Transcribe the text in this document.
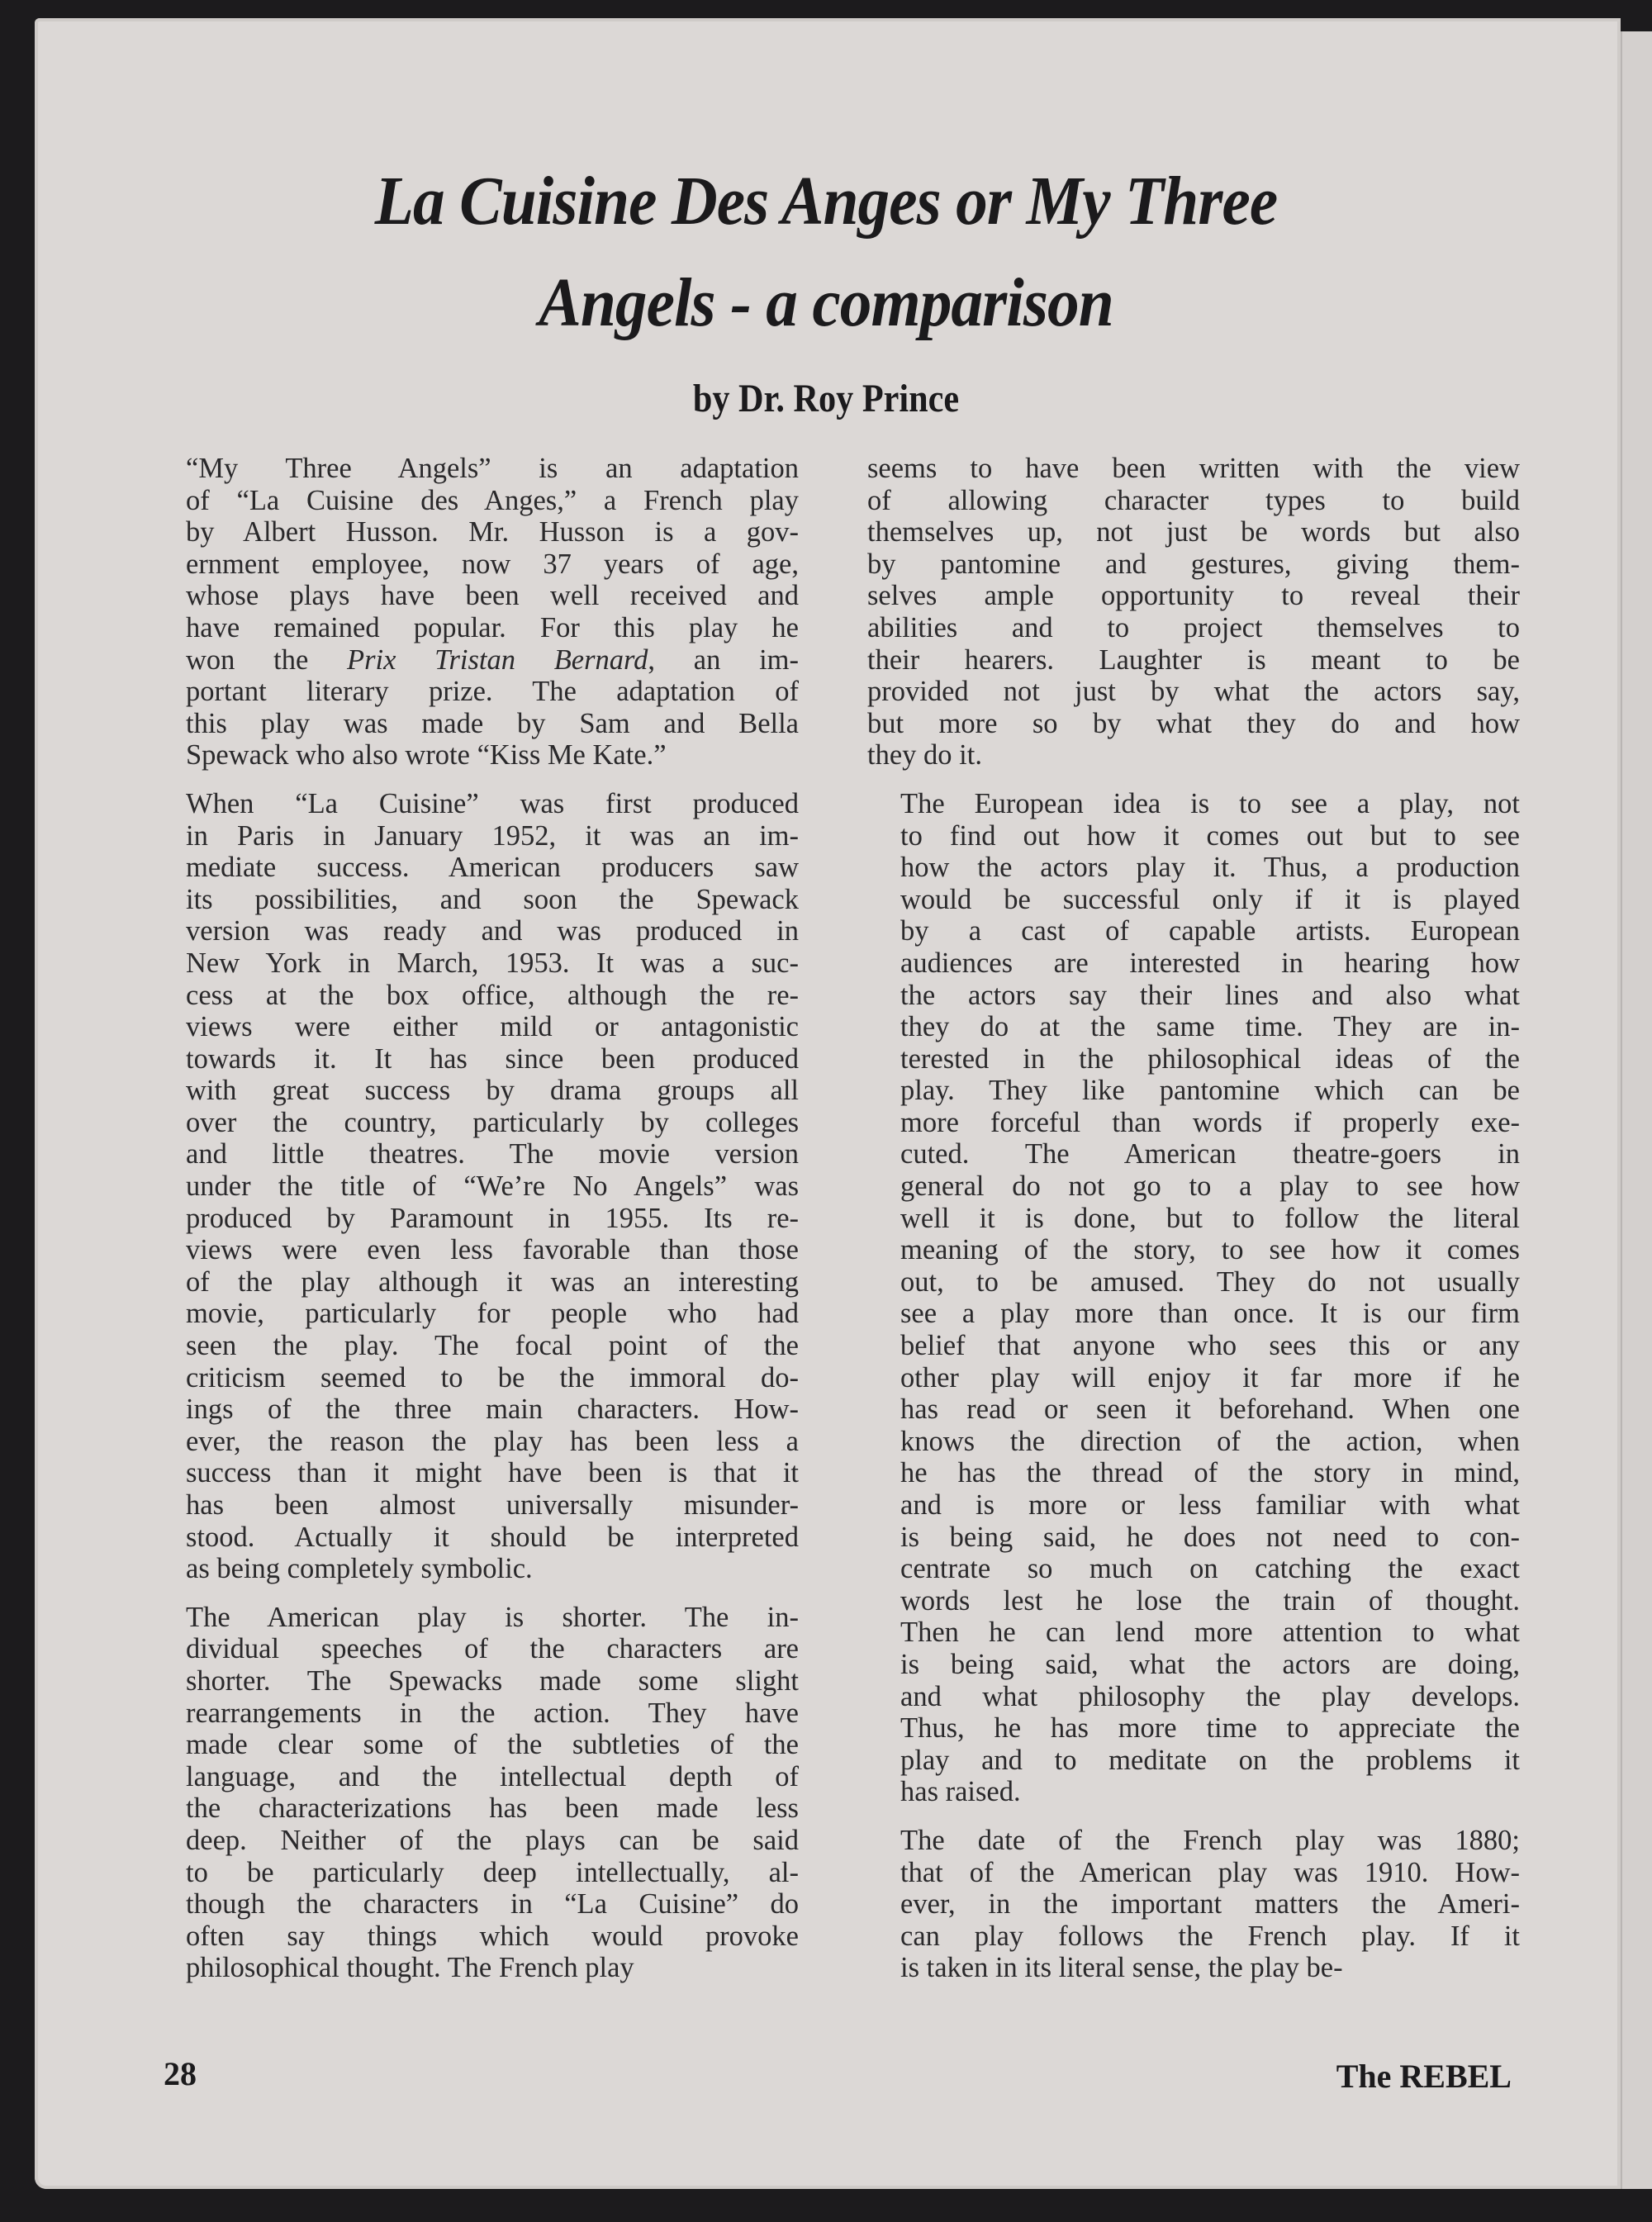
La Cuisine Des Anges or My Three
Angels - a comparison
by Dr. Roy Prince

“My Three Angels” is an adaptation
of “La Cuisine des Anges,” a French play
by Albert Husson. Mr. Husson is a gov-
ernment employee, now 37 years of age,
whose plays have been well received and
have remained popular. For this play he
won the Prix Tristan Bernard, an im-
portant literary prize. The adaptation of
this play was made by Sam and Bella
Spewack who also wrote “Kiss Me Kate.”

When “La Cuisine” was first produced
in Paris in January 1952, it was an im-
mediate success. American producers saw
its possibilities, and soon the Spewack
version was ready and was produced in
New York in March, 1953. It was a suc-
cess at the box office, although the re-
views were either mild or antagonistic
towards it. It has since been produced
with great success by drama groups all
over the country, particularly by colleges
and little theatres. The movie version
under the title of “We’re No Angels” was
produced by Paramount in 1955. Its re-
views were even less favorable than those
of the play although it was an interesting
movie, particularly for people who had
seen the play. The focal point of the
criticism seemed to be the immoral do-
ings of the three main characters. How-
ever, the reason the play has been less a
success than it might have been is that it
has been almost universally misunder-
stood. Actually it should be interpreted
as being completely symbolic.

The American play is shorter. The in-
dividual speeches of the characters are
shorter. The Spewacks made some slight
rearrangements in the action. They have
made clear some of the subtleties of the
language, and the intellectual depth of
the characterizations has been made less
deep. Neither of the plays can be said
to be particularly deep intellectually, al-
though the characters in “La Cuisine” do
often say things which would provoke
philosophical thought. The French play

seems to have been written with the view
of allowing character types to build
themselves up, not just be words but also
by pantomine and gestures, giving them-
selves ample opportunity to reveal their
abilities and to project themselves to
their hearers. Laughter is meant to be
provided not just by what the actors say,
but more so by what they do and how
they do it.

The European idea is to see a play, not
to find out how it comes out but to see
how the actors play it. Thus, a production
would be successful only if it is played
by a cast of capable artists. European
audiences are interested in hearing how
the actors say their lines and also what
they do at the same time. They are in-
terested in the philosophical ideas of the
play. They like pantomine which can be
more forceful than words if properly exe-
cuted. The American theatre-goers in
general do not go to a play to see how
well it is done, but to follow the literal
meaning of the story, to see how it comes
out, to be amused. They do not usually
see a play more than once. It is our firm
belief that anyone who sees this or any
other play will enjoy it far more if he
has read or seen it beforehand. When one
knows the direction of the action, when
he has the thread of the story in mind,
and is more or less familiar with what
is being said, he does not need to con-
centrate so much on catching the exact
words lest he lose the train of thought.
Then he can lend more attention to what
is being said, what the actors are doing,
and what philosophy the play develops.
Thus, he has more time to appreciate the
play and to meditate on the problems it
has raised.

The date of the French play was 1880;
that of the American play was 1910. How-
ever, in the important matters the Ameri-
can play follows the French play. If it
is taken in its literal sense, the play be-

28	The REBEL
